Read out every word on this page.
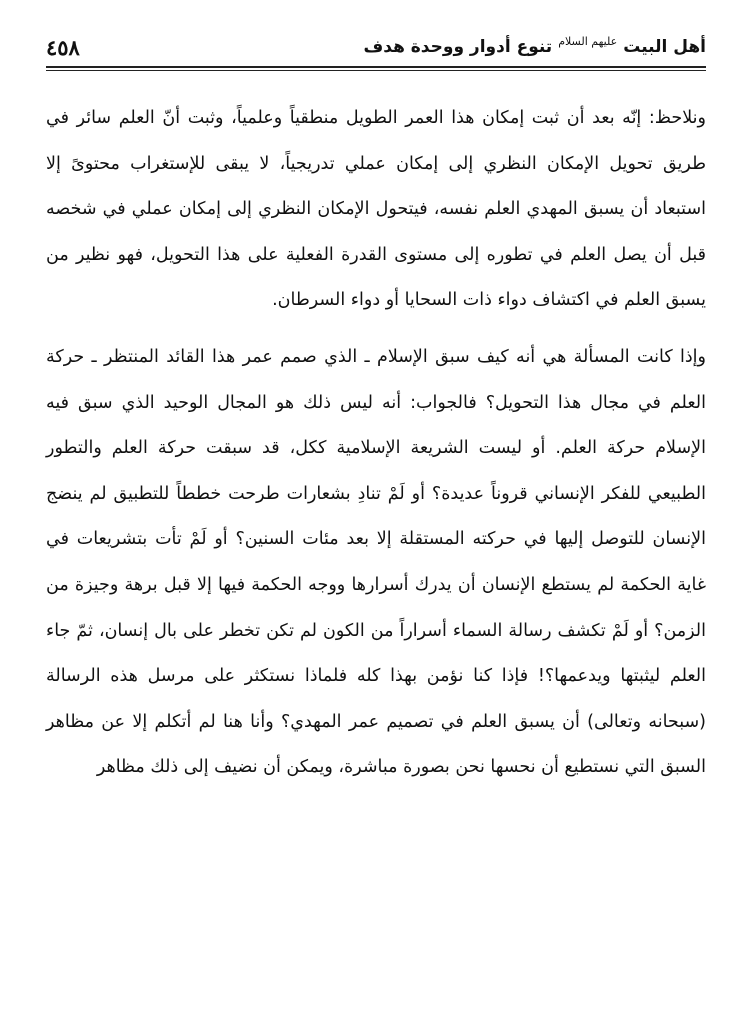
٤٥٨	أهل البيت
عليهم السلام
تنوع أدوار ووحدة هدف

ونلاحظ: إنّه بعد أن ثبت إمكان هذا العمر الطويل منطقياً وعلمياً، وثبت أنّ العلم سائر في طريق تحويل الإمكان النظري إلى إمكان عملي تدريجياً، لا يبقى للإستغراب محتوىً إلا استبعاد أن يسبق المهدي العلم نفسه، فيتحول الإمكان النظري إلى إمكان عملي في شخصه قبل أن يصل العلم في تطوره إلى مستوى القدرة الفعلية على هذا التحويل، فهو نظير من يسبق العلم في اكتشاف دواء ذات السحايا أو دواء السرطان.

وإذا كانت المسألة هي أنه كيف سبق الإسلام ـ الذي صمم عمر هذا القائد المنتظر ـ حركة العلم في مجال هذا التحويل؟ فالجواب: أنه ليس ذلك هو المجال الوحيد الذي سبق فيه الإسلام حركة العلم. أو ليست الشريعة الإسلامية ككل، قد سبقت حركة العلم والتطور الطبيعي للفكر الإنساني قروناً عديدة؟ أو لَمْ تنادِ بشعارات طرحت خططاً للتطبيق لم ينضج الإنسان للتوصل إليها في حركته المستقلة إلا بعد مئات السنين؟ أو لَمْ تأت بتشريعات في غاية الحكمة لم يستطع الإنسان أن يدرك أسرارها ووجه الحكمة فيها إلا قبل برهة وجيزة من الزمن؟ أو لَمْ تكشف رسالة السماء أسراراً من الكون لم تكن تخطر على بال إنسان، ثمّ جاء العلم ليثبتها ويدعمها؟! فإذا كنا نؤمن بهذا كله فلماذا نستكثر على مرسل هذه الرسالة (سبحانه وتعالى) أن يسبق العلم في تصميم عمر المهدي؟ وأنا هنا لم أتكلم إلا عن مظاهر السبق التي نستطيع أن نحسها نحن بصورة مباشرة، ويمكن أن نضيف إلى ذلك مظاهر
